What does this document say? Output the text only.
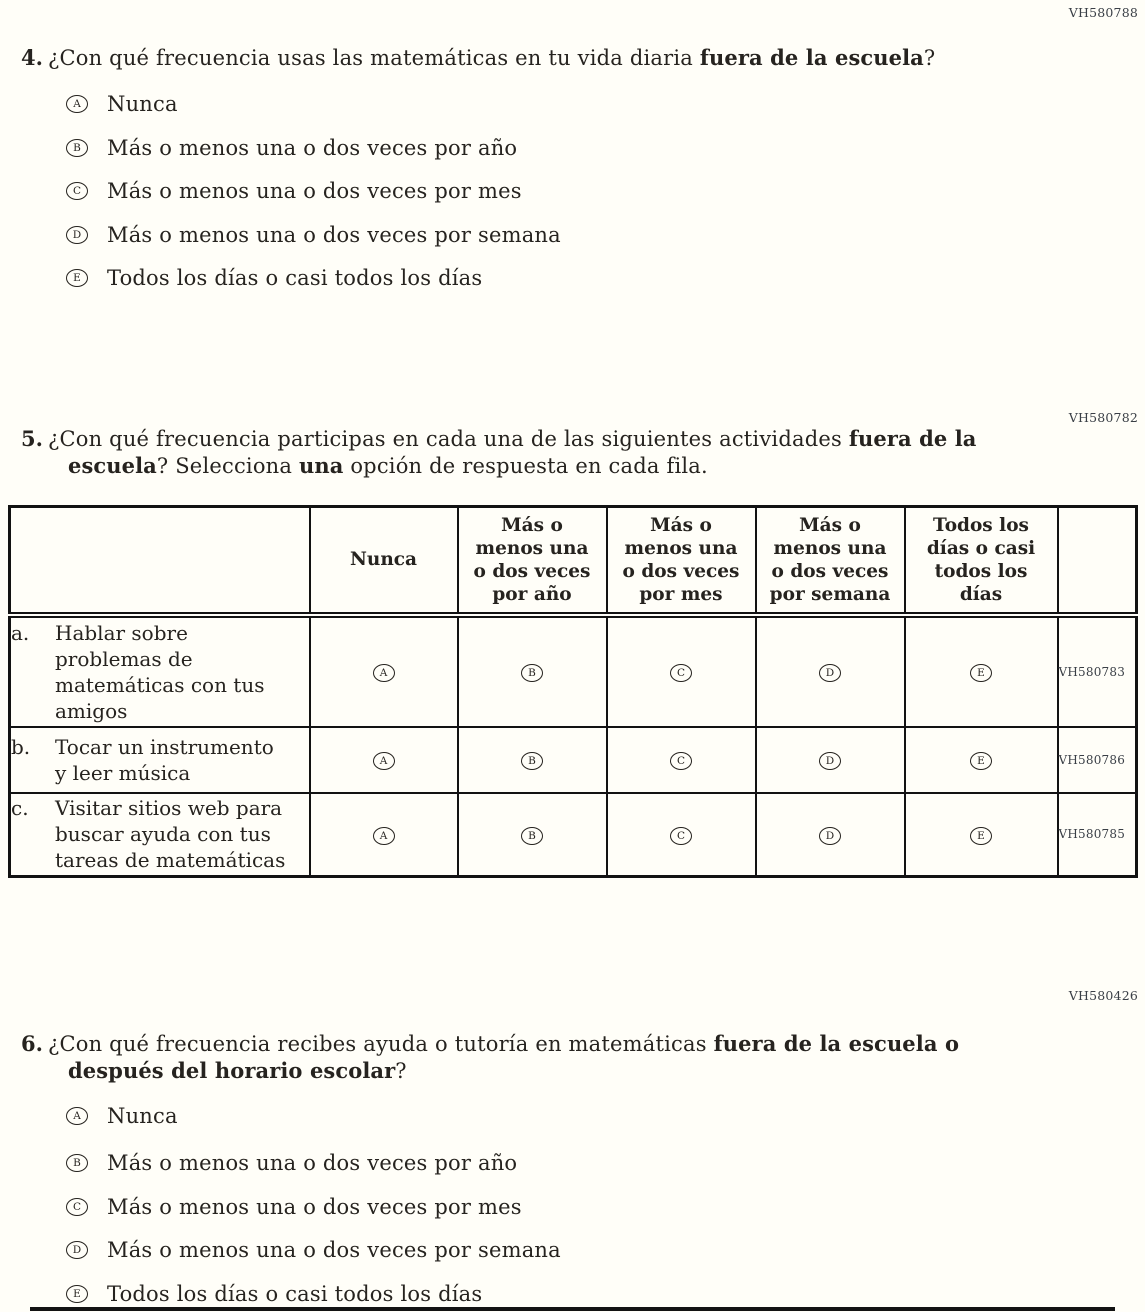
VH580788
4. ¿Con qué frecuencia usas las matemáticas en tu vida diaria fuera de la escuela?
A	Nunca
B	Más o menos una o dos veces por año
C	Más o menos una o dos veces por mes
D	Más o menos una o dos veces por semana
E	Todos los días o casi todos los días
VH580782
5. ¿Con qué frecuencia participas en cada una de las siguientes actividades fuera de la
escuela? Selecciona una opción de respuesta en cada fila.

	Nunca	Más o
menos una
o dos veces
por año	Más o
menos una
o dos veces
por mes	Más o
menos una
o dos veces
por semana	Todos los
días o casi
todos los
días	

a. Hablar sobre
problemas de
matemáticas con tus
amigos	A	B	C	D	E	VH580783

b. Tocar un instrumento
y leer música	A	B	C	D	E	VH580786

c. Visitar sitios web para
buscar ayuda con tus
tareas de matemáticas	A	B	C	D	E	VH580785
VH580426
6. ¿Con qué frecuencia recibes ayuda o tutoría en matemáticas fuera de la escuela o
después del horario escolar?
A	Nunca
B	Más o menos una o dos veces por año
C	Más o menos una o dos veces por mes
D	Más o menos una o dos veces por semana
E	Todos los días o casi todos los días
